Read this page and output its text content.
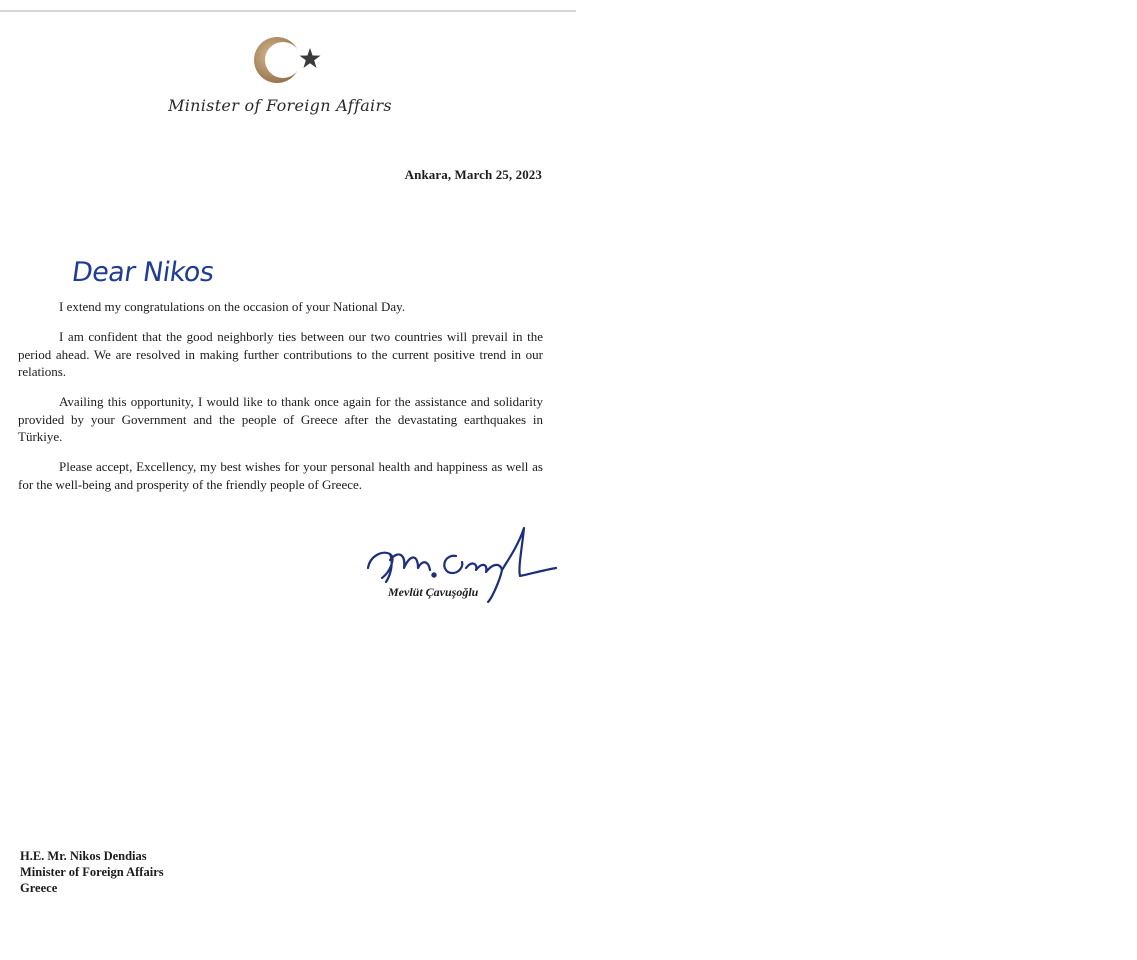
Minister of Foreign Affairs
Ankara, March 25, 2023
Dear Nikos

I extend my congratulations on the occasion of your National Day.

I am confident that the good neighborly ties between our two countries will prevail in the period ahead. We are resolved in making further contributions to the current positive trend in our relations.

Availing this opportunity, I would like to thank once again for the assistance and solidarity provided by your Government and the people of Greece after the devastating earthquakes in Türkiye.

Please accept, Excellency, my best wishes for your personal health and happiness as well as for the well-being and prosperity of the friendly people of Greece.

Mevlüt Çavuşoğlu
H.E. Mr. Nikos Dendias
Minister of Foreign Affairs
Greece
